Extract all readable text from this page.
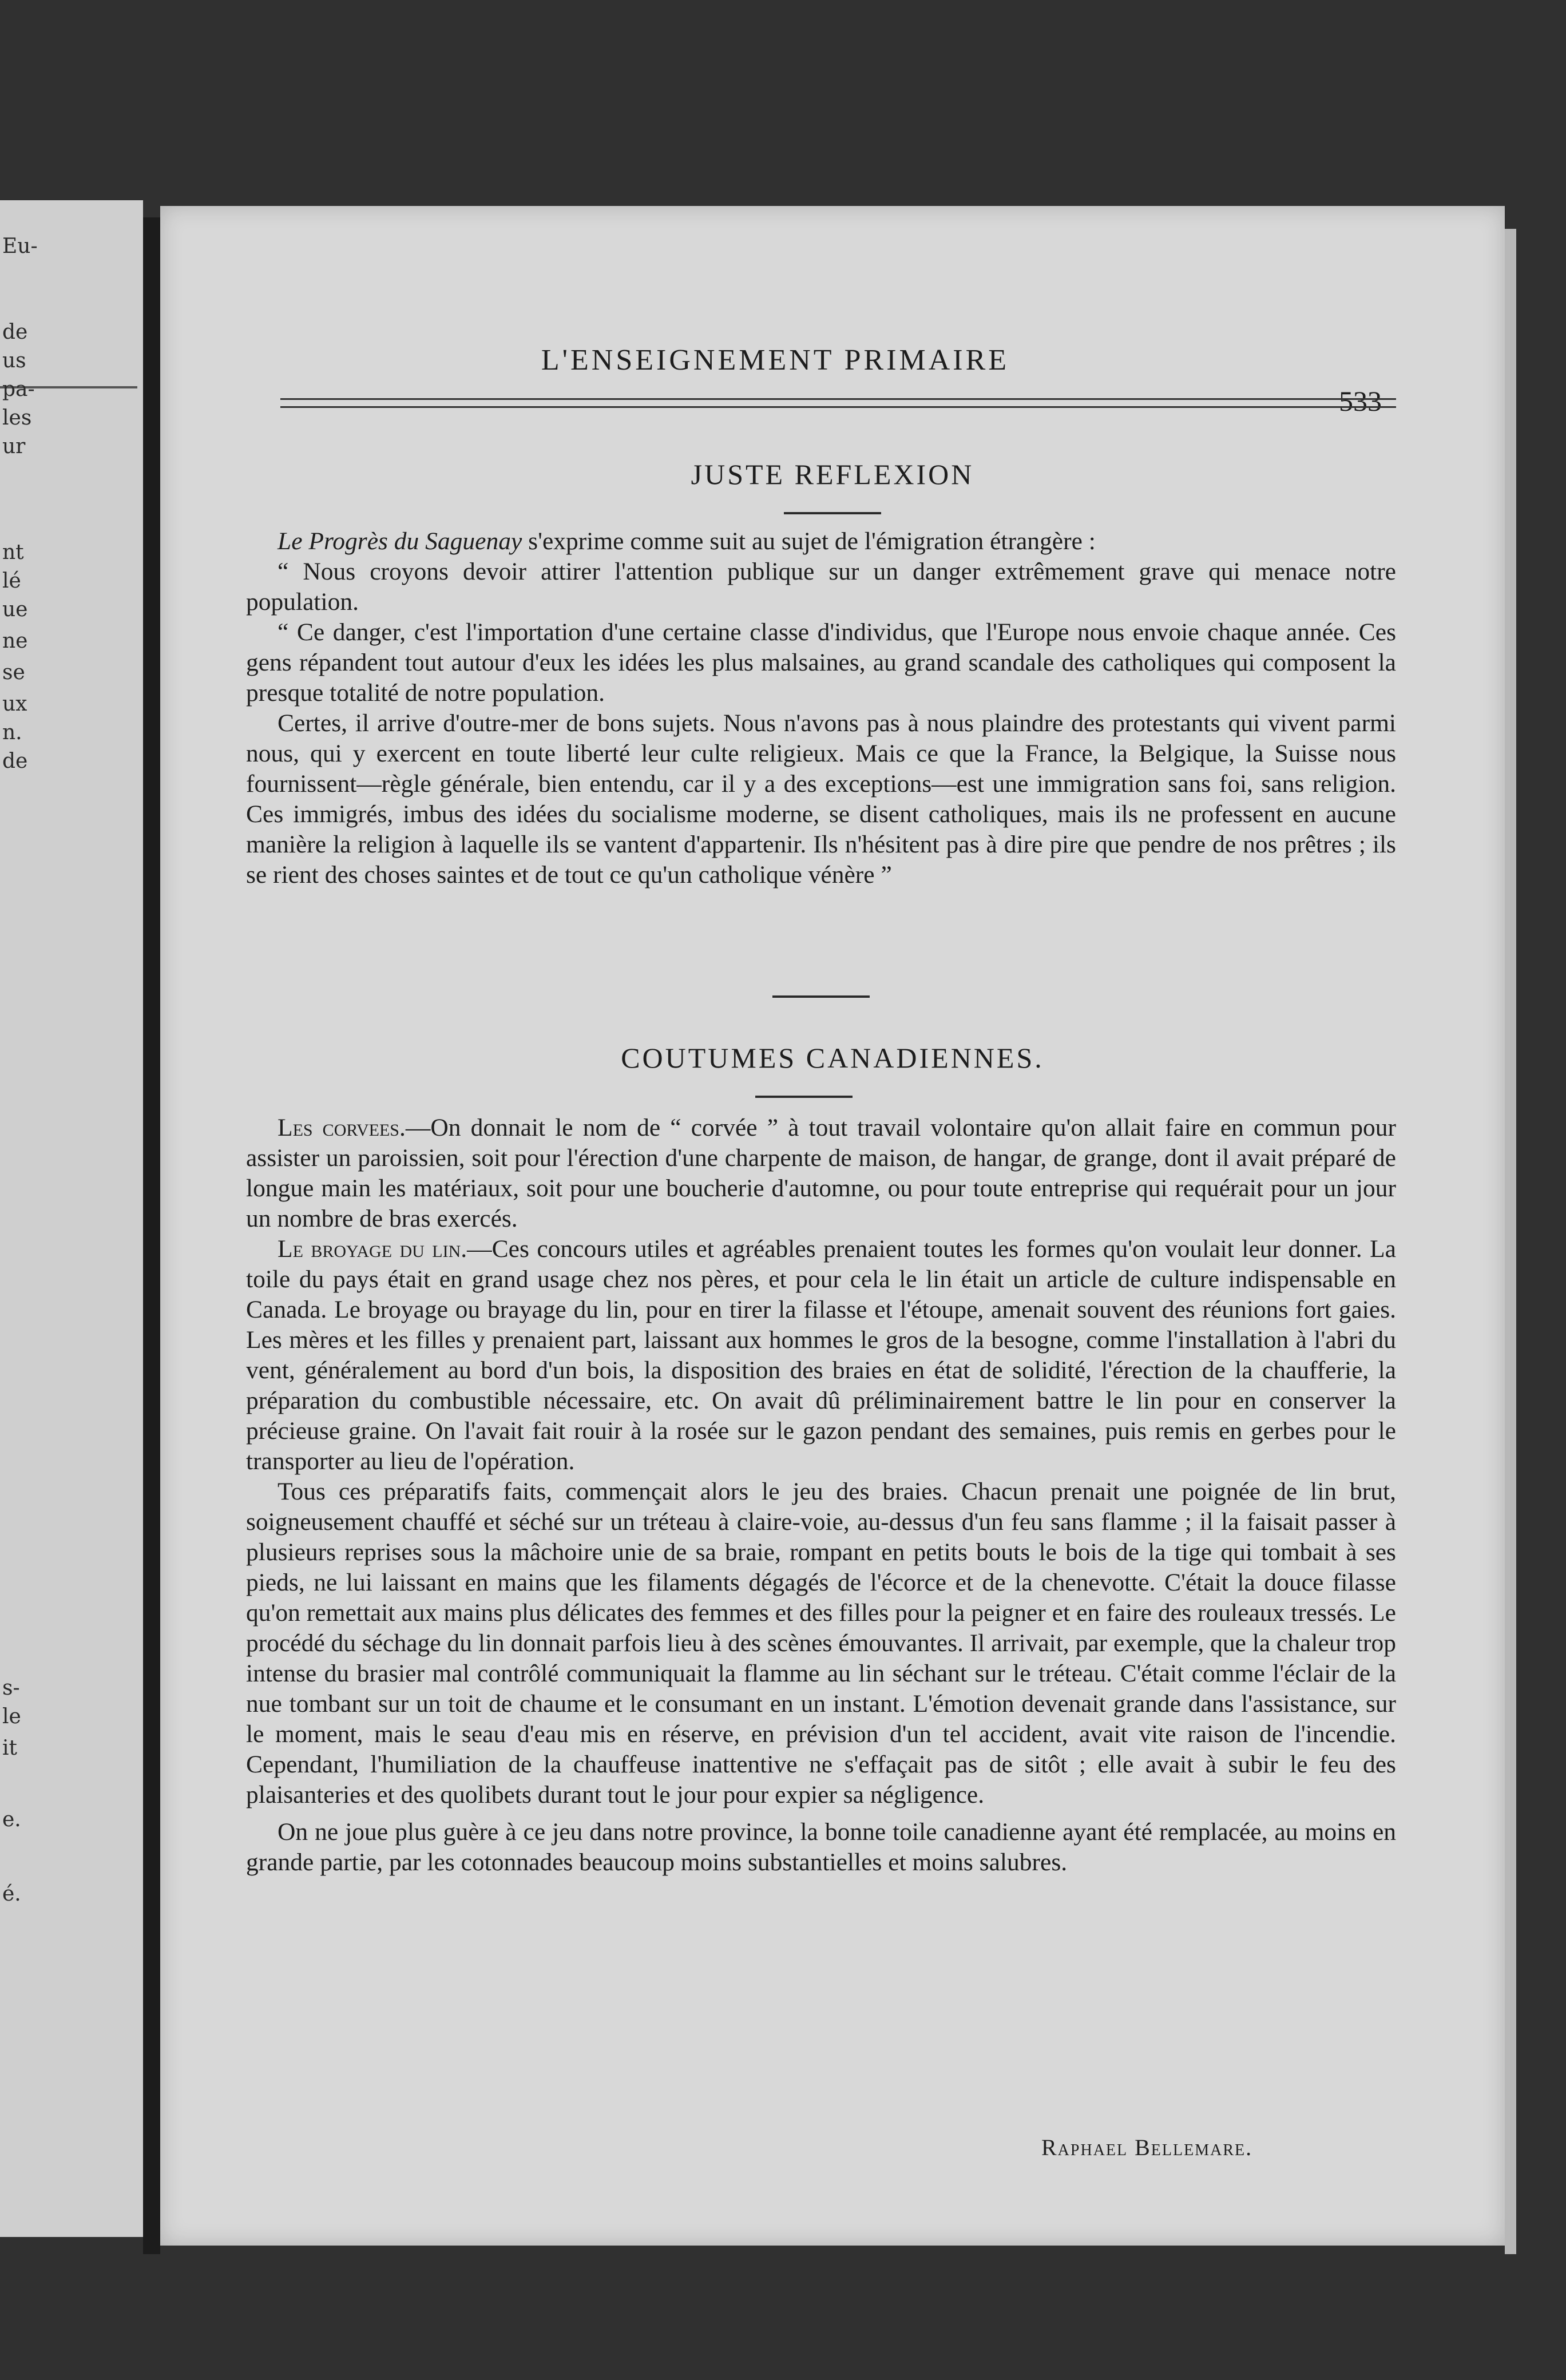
Eu-
de
us
pa-
les
ur
nt
lé
ue
ne
se
ux
n.
de
s-
le
it
e.
é.
L'ENSEIGNEMENT PRIMAIRE
533
JUSTE REFLEXION

Le Progrès du Saguenay s'exprime comme suit au sujet de l'émigration étrangère :

“ Nous croyons devoir attirer l'attention publique sur un danger extrêmement grave qui menace notre population.

“ Ce danger, c'est l'importation d'une certaine classe d'individus, que l'Europe nous envoie chaque année. Ces gens répandent tout autour d'eux les idées les plus malsaines, au grand scandale des catholiques qui composent la presque totalité de notre population.

Certes, il arrive d'outre-mer de bons sujets. Nous n'avons pas à nous plaindre des protestants qui vivent parmi nous, qui y exercent en toute liberté leur culte religieux. Mais ce que la France, la Belgique, la Suisse nous fournissent—règle générale, bien entendu, car il y a des exceptions—est une immigration sans foi, sans religion. Ces immigrés, imbus des idées du socialisme moderne, se disent catholiques, mais ils ne professent en aucune manière la religion à laquelle ils se vantent d'appartenir. Ils n'hésitent pas à dire pire que pendre de nos prêtres ; ils se rient des choses saintes et de tout ce qu'un catholique vénère ”

COUTUMES CANADIENNES.

Les corvees.—On donnait le nom de “ corvée ” à tout travail volontaire qu'on allait faire en commun pour assister un paroissien, soit pour l'érection d'une charpente de maison, de hangar, de grange, dont il avait préparé de longue main les matériaux, soit pour une boucherie d'automne, ou pour toute entreprise qui requérait pour un jour un nombre de bras exercés.

Le broyage du lin.—Ces concours utiles et agréables prenaient toutes les formes qu'on voulait leur donner. La toile du pays était en grand usage chez nos pères, et pour cela le lin était un article de culture indispensable en Canada. Le broyage ou brayage du lin, pour en tirer la filasse et l'étoupe, amenait souvent des réunions fort gaies. Les mères et les filles y prenaient part, laissant aux hommes le gros de la besogne, comme l'installation à l'abri du vent, généralement au bord d'un bois, la disposition des braies en état de solidité, l'érection de la chaufferie, la préparation du combustible nécessaire, etc. On avait dû préliminairement battre le lin pour en conserver la précieuse graine. On l'avait fait rouir à la rosée sur le gazon pendant des semaines, puis remis en gerbes pour le transporter au lieu de l'opération.

Tous ces préparatifs faits, commençait alors le jeu des braies. Chacun prenait une poignée de lin brut, soigneusement chauffé et séché sur un tréteau à claire-voie, au-dessus d'un feu sans flamme ; il la faisait passer à plusieurs reprises sous la mâchoire unie de sa braie, rompant en petits bouts le bois de la tige qui tombait à ses pieds, ne lui laissant en mains que les filaments dégagés de l'écorce et de la chenevotte. C'était la douce filasse qu'on remettait aux mains plus délicates des femmes et des filles pour la peigner et en faire des rouleaux tressés. Le procédé du séchage du lin donnait parfois lieu à des scènes émouvantes. Il arrivait, par exemple, que la chaleur trop intense du brasier mal contrôlé communiquait la flamme au lin séchant sur le tréteau. C'était comme l'éclair de la nue tombant sur un toit de chaume et le consumant en un instant. L'émotion devenait grande dans l'assistance, sur le moment, mais le seau d'eau mis en réserve, en prévision d'un tel accident, avait vite raison de l'incendie. Cependant, l'humiliation de la chauffeuse inattentive ne s'effaçait pas de sitôt ; elle avait à subir le feu des plaisanteries et des quolibets durant tout le jour pour expier sa négligence.

On ne joue plus guère à ce jeu dans notre province, la bonne toile canadienne ayant été remplacée, au moins en grande partie, par les cotonnades beaucoup moins substantielles et moins salubres.

Raphael Bellemare.
